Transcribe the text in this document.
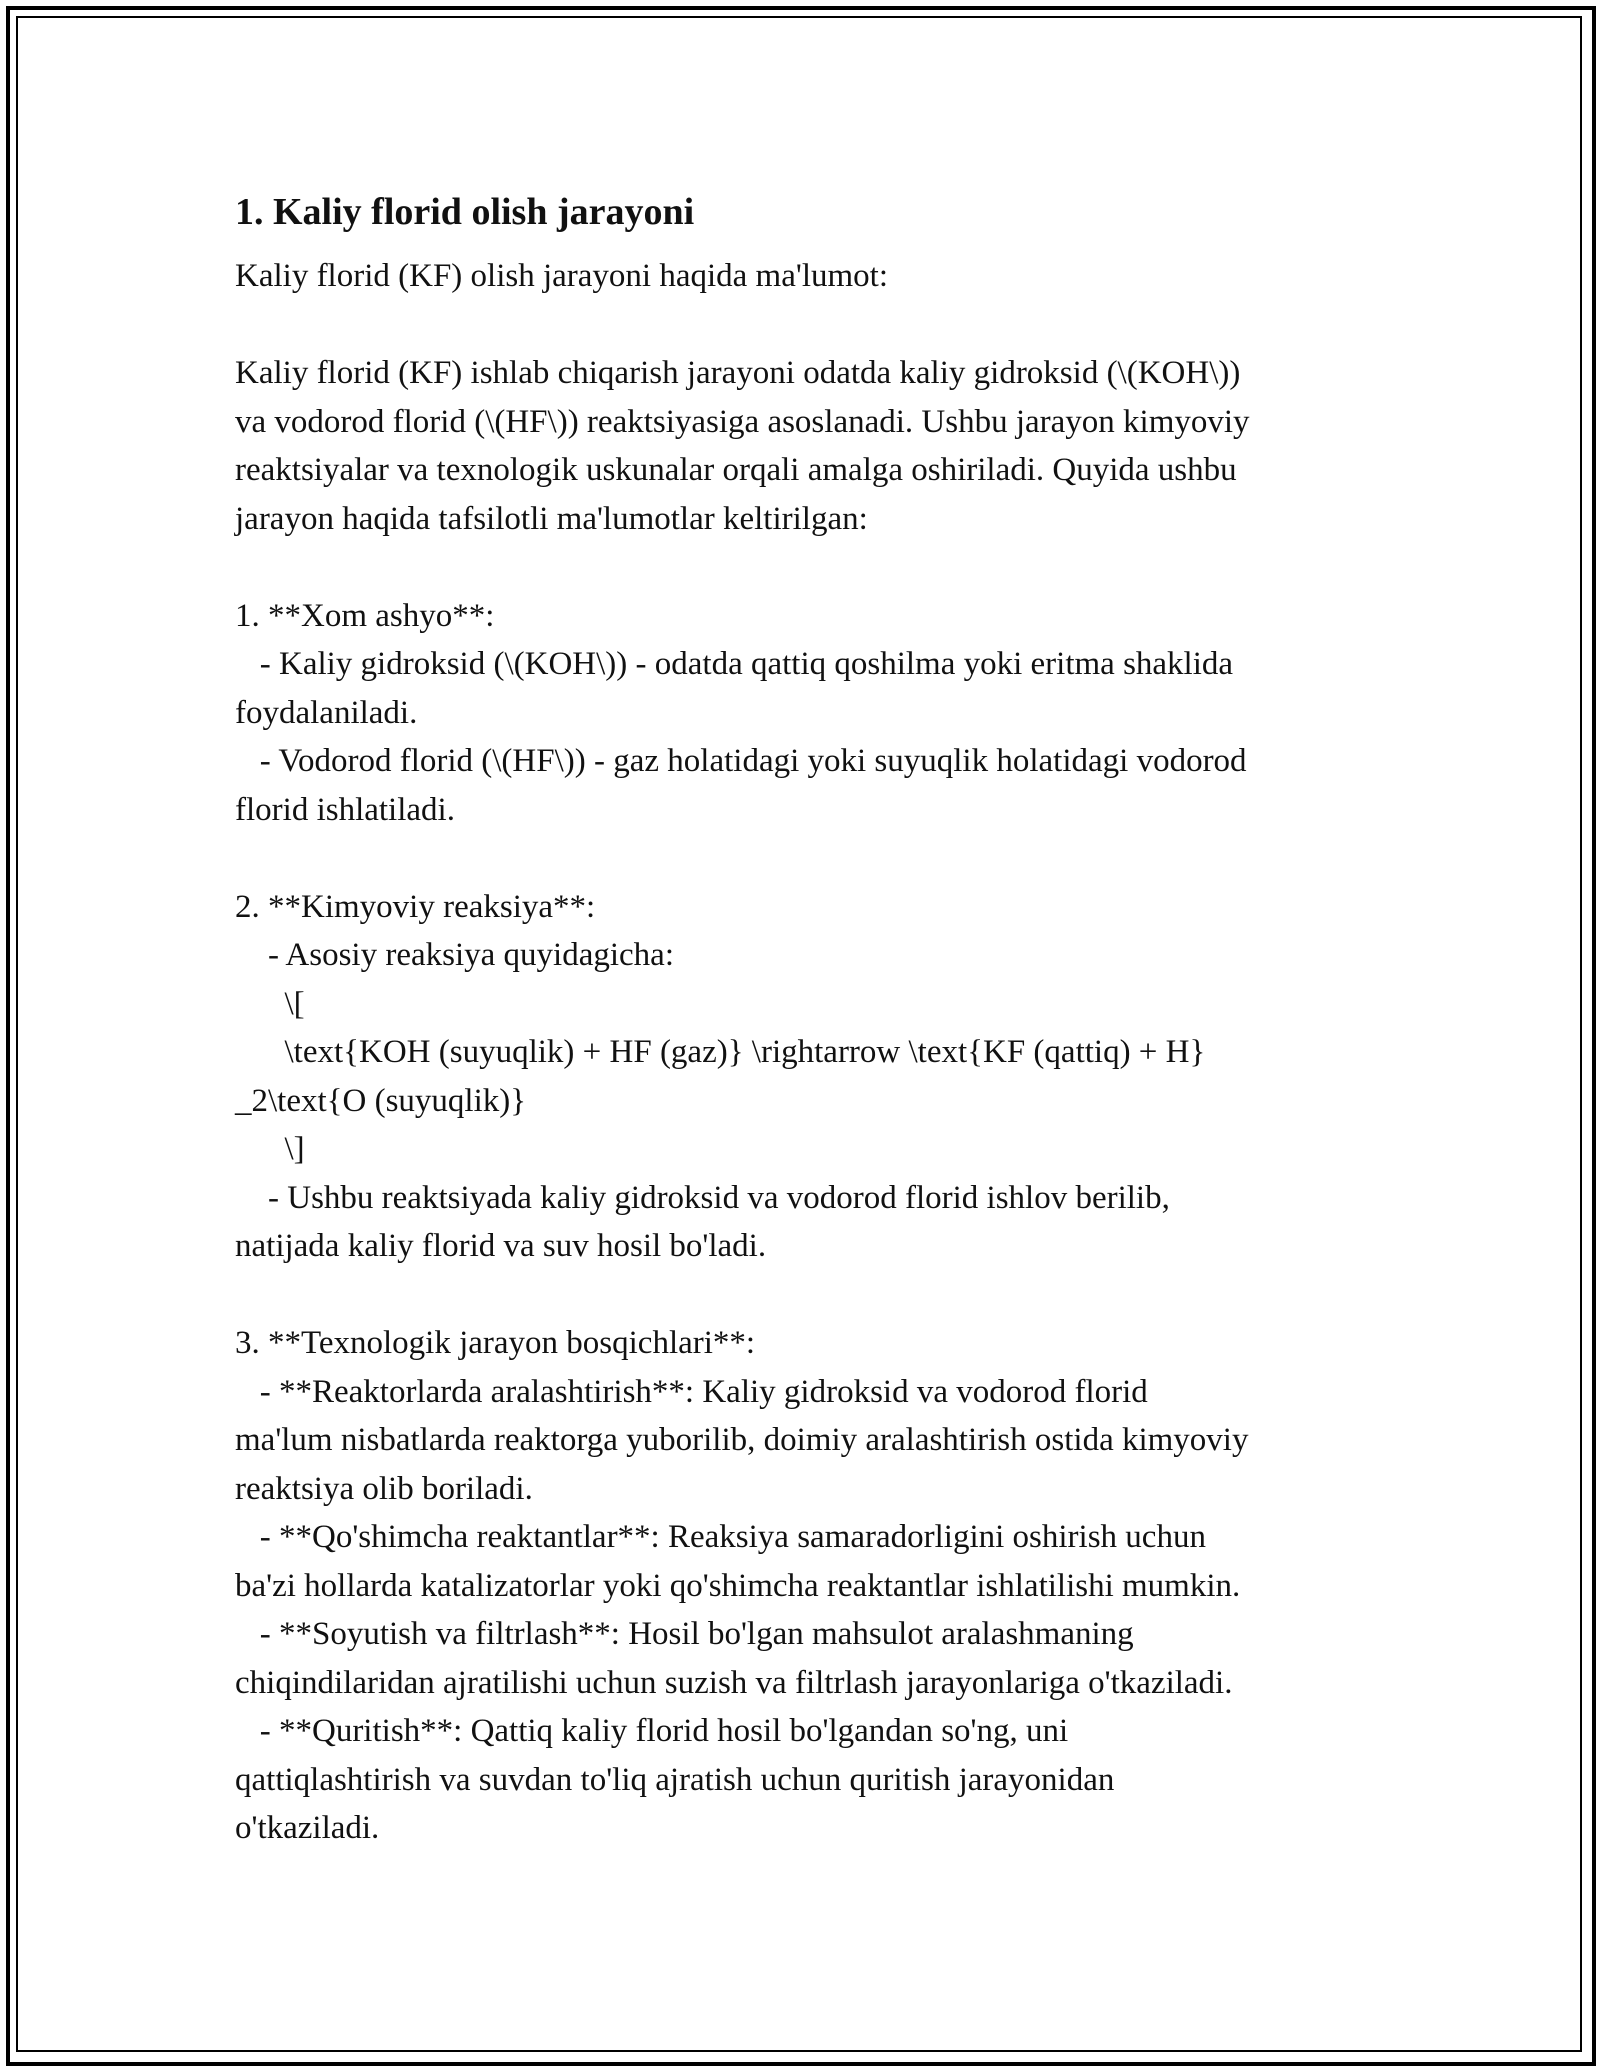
1. Kaliy florid olish jarayoni

Kaliy florid (KF) olish jarayoni haqida ma'lumot:

Kaliy florid (KF) ishlab chiqarish jarayoni odatda kaliy gidroksid (\(KOH\))
va vodorod florid (\(HF\)) reaktsiyasiga asoslanadi. Ushbu jarayon kimyoviy
reaktsiyalar va texnologik uskunalar orqali amalga oshiriladi. Quyida ushbu
jarayon haqida tafsilotli ma'lumotlar keltirilgan:

1. **Xom ashyo**:
- Kaliy gidroksid (\(KOH\)) - odatda qattiq qoshilma yoki eritma shaklida
foydalaniladi.
- Vodorod florid (\(HF\)) - gaz holatidagi yoki suyuqlik holatidagi vodorod
florid ishlatiladi.

2. **Kimyoviy reaksiya**:
- Asosiy reaksiya quyidagicha:
\[
\text{KOH (suyuqlik) + HF (gaz)} \rightarrow \text{KF (qattiq) + H}
_2\text{O (suyuqlik)}
\]
- Ushbu reaktsiyada kaliy gidroksid va vodorod florid ishlov berilib,
natijada kaliy florid va suv hosil bo'ladi.

3. **Texnologik jarayon bosqichlari**:
- **Reaktorlarda aralashtirish**: Kaliy gidroksid va vodorod florid
ma'lum nisbatlarda reaktorga yuborilib, doimiy aralashtirish ostida kimyoviy
reaktsiya olib boriladi.
- **Qo'shimcha reaktantlar**: Reaksiya samaradorligini oshirish uchun
ba'zi hollarda katalizatorlar yoki qo'shimcha reaktantlar ishlatilishi mumkin.
- **Soyutish va filtrlash**: Hosil bo'lgan mahsulot aralashmaning
chiqindilaridan ajratilishi uchun suzish va filtrlash jarayonlariga o'tkaziladi.
- **Quritish**: Qattiq kaliy florid hosil bo'lgandan so'ng, uni
qattiqlashtirish va suvdan to'liq ajratish uchun quritish jarayonidan
o'tkaziladi.
